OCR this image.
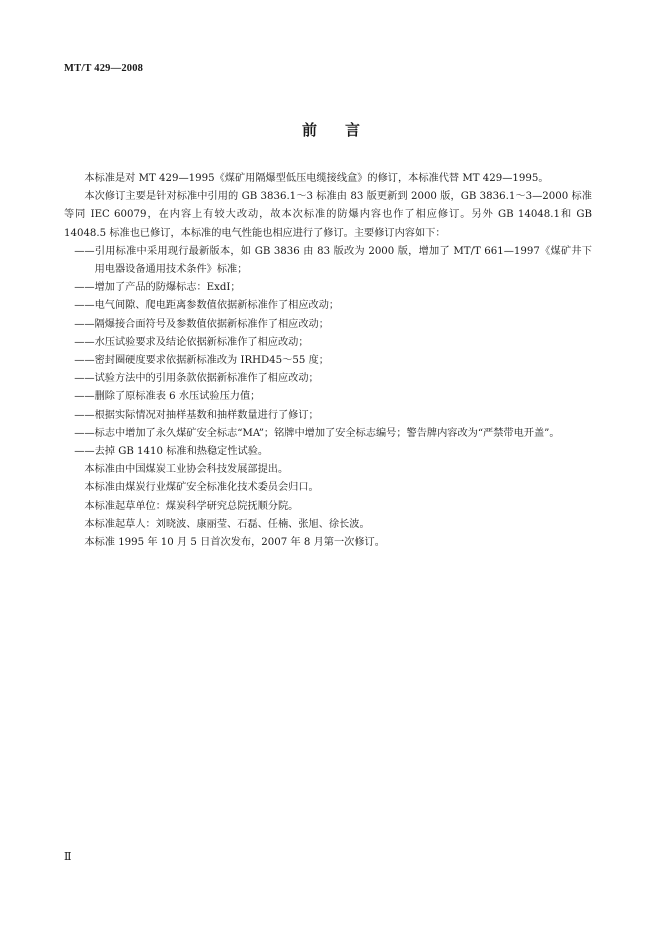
MT/T 429—2008
前言

本标准是对 MT 429—1995《煤矿用隔爆型低压电缆接线盒》的修订，本标准代替 MT 429—1995。

本次修订主要是针对标准中引用的 GB 3836.1～3 标准由 83 版更新到 2000 版，GB 3836.1～3—2000 标准等同 IEC 60079，在内容上有较大改动，故本次标准的防爆内容也作了相应修订。另外 GB 14048.1和 GB 14048.5 标准也已修订，本标准的电气性能也相应进行了修订。主要修订内容如下：

——引用标准中采用现行最新版本，如 GB 3836 由 83 版改为 2000 版，增加了 MT/T 661—1997《煤矿井下用电器设备通用技术条件》标准；

——增加了产品的防爆标志：ExdI；

——电气间隙、爬电距离参数值依据新标准作了相应改动；

——隔爆接合面符号及参数值依据新标准作了相应改动；

——水压试验要求及结论依据新标准作了相应改动；

——密封圈硬度要求依据新标准改为 IRHD45～55 度；

——试验方法中的引用条款依据新标准作了相应改动；

——删除了原标准表 6 水压试验压力值；

——根据实际情况对抽样基数和抽样数量进行了修订；

——标志中增加了永久煤矿安全标志“MA”；铭牌中增加了安全标志编号；警告牌内容改为“严禁带电开盖”。

——去掉 GB 1410 标准和热稳定性试验。

本标准由中国煤炭工业协会科技发展部提出。

本标准由煤炭行业煤矿安全标准化技术委员会归口。

本标准起草单位：煤炭科学研究总院抚顺分院。

本标准起草人：刘晓波、康丽莹、石磊、任楠、张旭、徐长波。

本标准 1995 年 10 月 5 日首次发布，2007 年 8 月第一次修订。

Ⅱ
